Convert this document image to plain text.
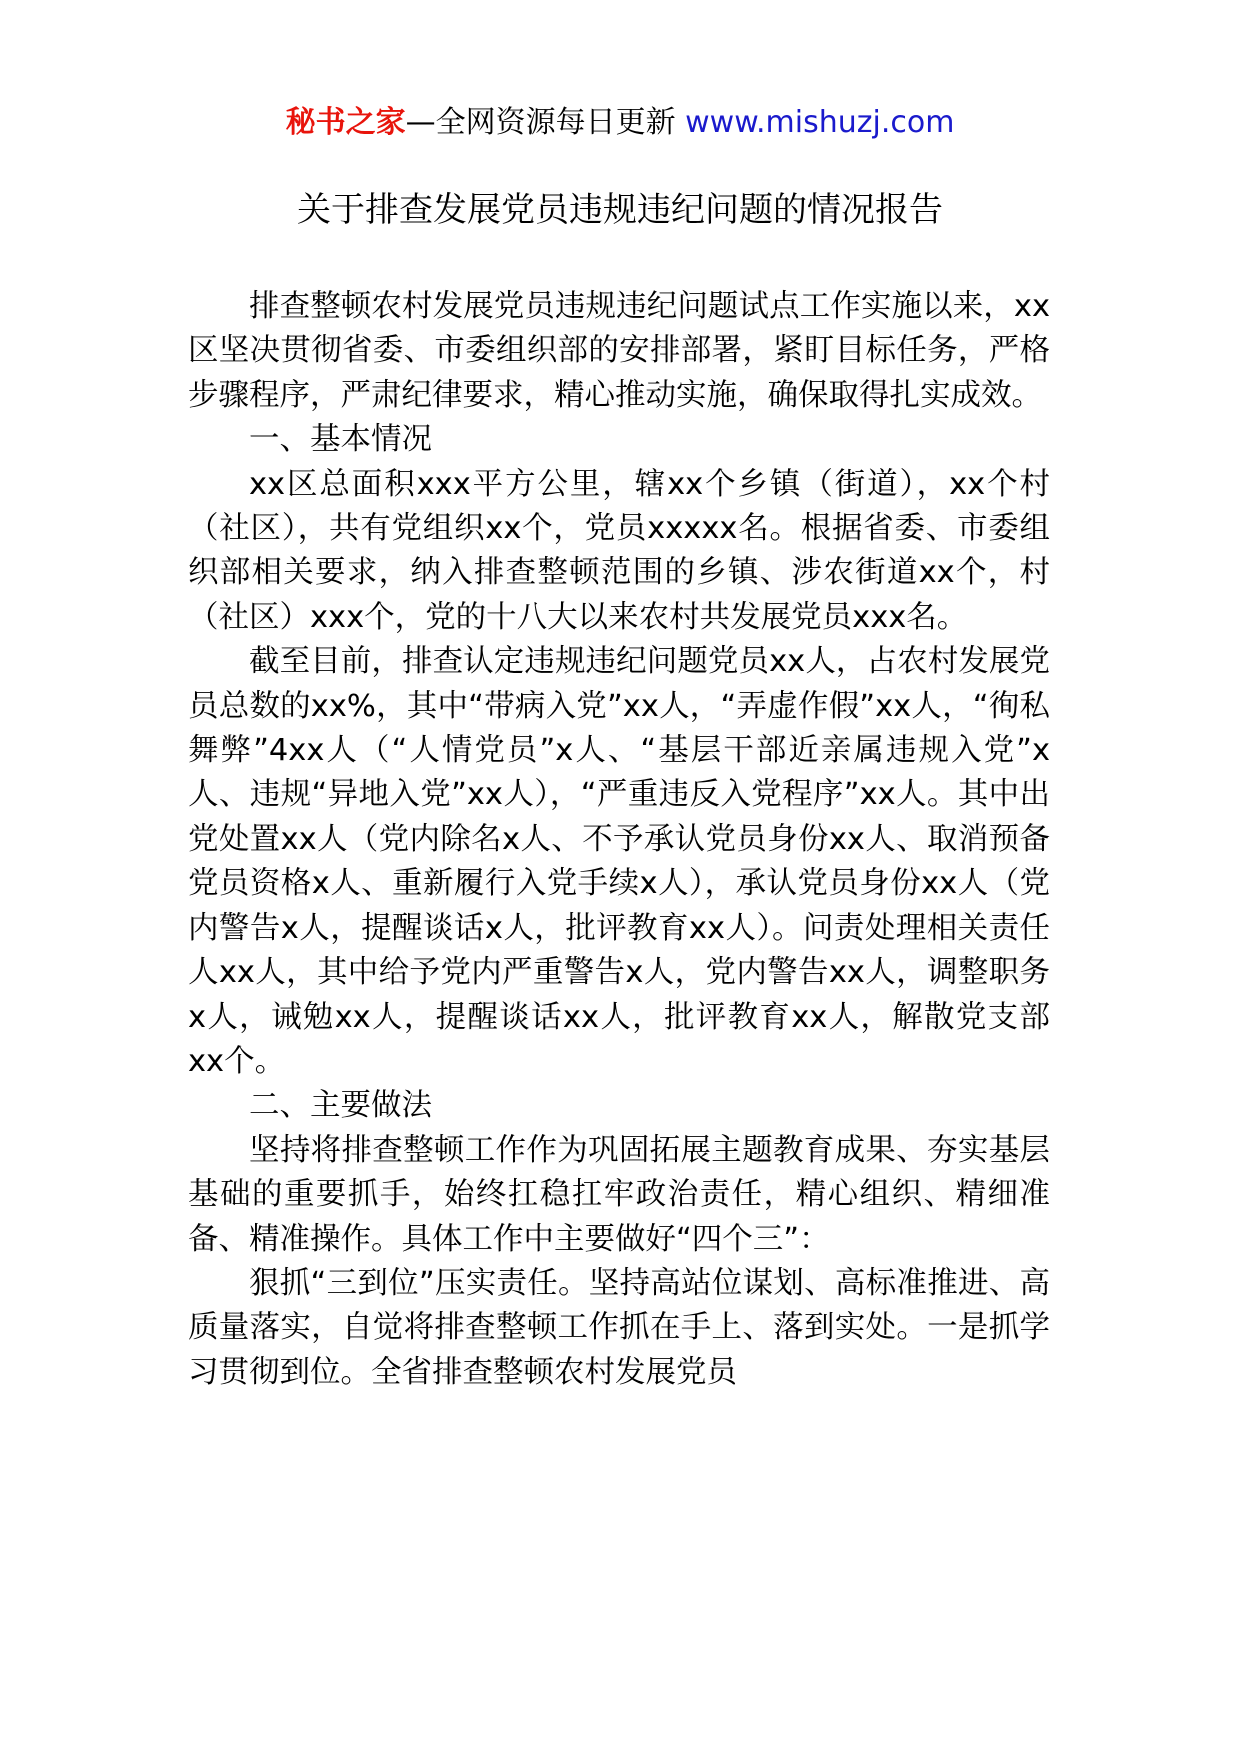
秘书之家—全网资源每日更新 www.mishuzj.com
关于排查发展党员违规违纪问题的情况报告

排查整顿农村发展党员违规违纪问题试点工作实施以来，xx区坚决贯彻省委、市委组织部的安排部署，紧盯目标任务，严格步骤程序，严肃纪律要求，精心推动实施，确保取得扎实成效。

一、基本情况

xx区总面积xxx平方公里，辖xx个乡镇（街道），xx个村（社区），共有党组织xx个，党员xxxxx名。根据省委、市委组织部相关要求，纳入排查整顿范围的乡镇、涉农街道xx个，村（社区）xxx个，党的十八大以来农村共发展党员xxx名。

截至目前，排查认定违规违纪问题党员xx人，占农村发展党员总数的xx%，其中“带病入党”xx人，“弄虚作假”xx人，“徇私舞弊”4xx人（“人情党员”x人、“基层干部近亲属违规入党”x人、违规“异地入党”xx人），“严重违反入党程序”xx人。其中出党处置xx人（党内除名x人、不予承认党员身份xx人、取消预备党员资格x人、重新履行入党手续x人），承认党员身份xx人（党内警告x人，提醒谈话x人，批评教育xx人）。问责处理相关责任人xx人，其中给予党内严重警告x人，党内警告xx人，调整职务x人，诫勉xx人，提醒谈话xx人，批评教育xx人，解散党支部xx个。

二、主要做法

坚持将排查整顿工作作为巩固拓展主题教育成果、夯实基层基础的重要抓手，始终扛稳扛牢政治责任，精心组织、精细准备、精准操作。具体工作中主要做好“四个三”：

狠抓“三到位”压实责任。坚持高站位谋划、高标准推进、高质量落实，自觉将排查整顿工作抓在手上、落到实处。一是抓学习贯彻到位。全省排查整顿农村发展党员
